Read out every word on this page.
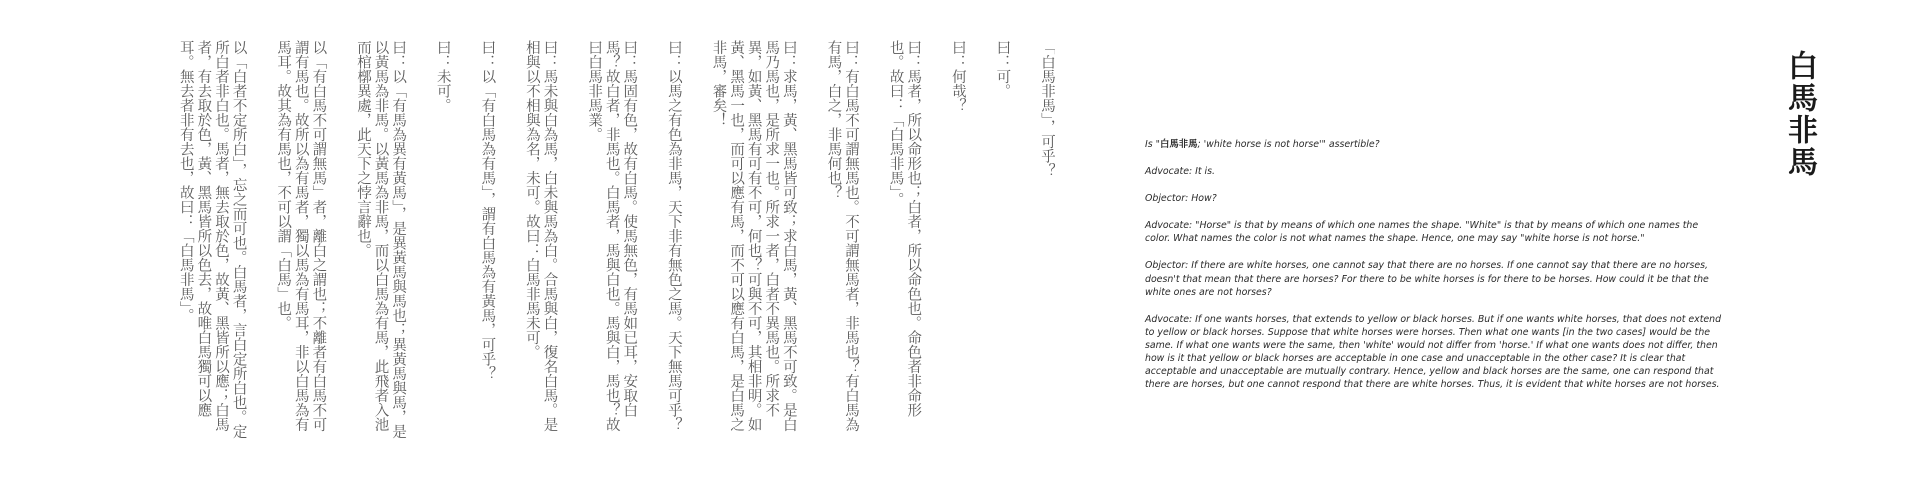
「白馬非馬」，可乎？

曰：可。

曰：何哉？

曰：馬者，所以命形也；白者，所以命色也。命色者非命形也。故曰：「白馬非馬」。

曰：有白馬不可謂無馬也。不可謂無馬者，非馬也？有白馬為有馬，白之，非馬何也？

曰：求馬，黃、黑馬皆可致；求白馬，黃、黑馬不可致。是白馬乃馬也，是所求一也。所求一者，白者不異馬也。所求不異，如黃、黑馬有可有不可，何也？可與不可，其相非明。如黃、黑馬一也，而可以應有馬，而不可以應有白馬，是白馬之非馬，審矣！

曰：以馬之有色為非馬，天下非有無色之馬。天下無馬可乎？

曰：馬固有色，故有白馬。使馬無色，有馬如已耳，安取白馬？故白者，非馬也。白馬者，馬與白也。馬與白，馬也？故曰白馬非馬業。

曰：馬未與白為馬，白未與馬為白。合馬與白，復名白馬。是相與以不相與為名，未可。故曰：白馬非馬未可。

曰：以「有白馬為有馬」，謂有白馬為有黃馬，可乎？

曰：未可。

曰：以「有馬為異有黃馬」，是異黃馬與馬也；異黃馬與馬，是以黃馬為非馬。以黃馬為非馬，而以白馬為有馬，此飛者入池而棺槨異處，此天下之悖言辭也。

以「有白馬不可謂無馬」者，離白之謂也；不離者有白馬不可謂有馬也。故所以為有馬者，獨以馬為有馬耳，非以白馬為有馬耳。故其為有馬也，不可以謂「白馬」也。

以「白者不定所白」，忘之而可也。白馬者，言白定所白也。定所白者非白也。馬者，無去取於色，故黃、黑皆所以應；白馬者，有去取於色，黃、黑馬皆所以色去，故唯白馬獨可以應耳。無去者非有去也，故曰：「白馬非馬」。	Is "白馬非馬; 'white horse is not horse'" assertible?

Advocate: It is.

Objector: How?

Advocate: "Horse" is that by means of which one names the shape. "White" is that by means of which one names the color. What names the color is not what names the shape. Hence, one may say "white horse is not horse."

Objector: If there are white horses, one cannot say that there are no horses. If one cannot say that there are no horses, doesn't that mean that there are horses? For there to be white horses is for there to be horses. How could it be that the white ones are not horses?

Advocate: If one wants horses, that extends to yellow or black horses. But if one wants white horses, that does not extend to yellow or black horses. Suppose that white horses were horses. Then what one wants [in the two cases] would be the same. If what one wants were the same, then 'white' would not differ from 'horse.' If what one wants does not differ, then how is it that yellow or black horses are acceptable in one case and unacceptable in the other case? It is clear that acceptable and unacceptable are mutually contrary. Hence, yellow and black horses are the same, one can respond that there are horses, but one cannot respond that there are white horses. Thus, it is evident that white horses are not horses.

白馬非馬
